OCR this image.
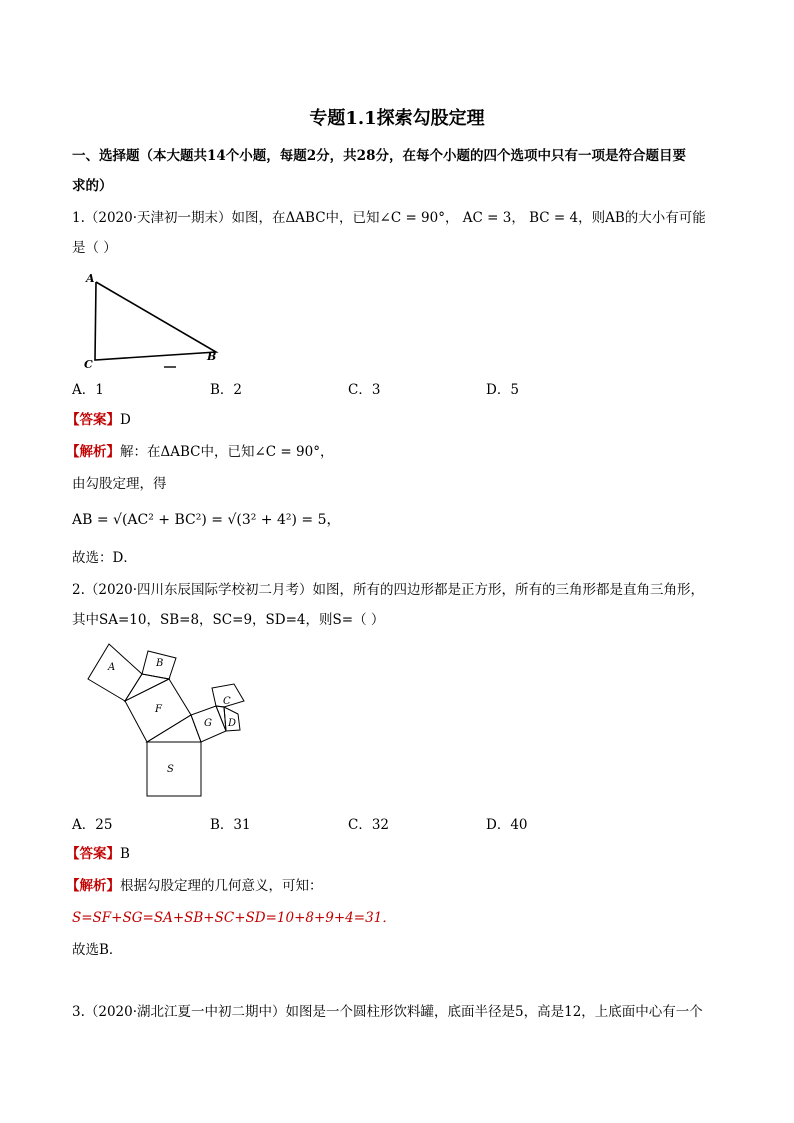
专题1.1探索勾股定理
一、选择题（本大题共14个小题，每题2分，共28分，在每个小题的四个选项中只有一项是符合题目要
求的）
1.（2020·天津初一期末）如图，在ΔABC中，已知∠C = 90°， AC = 3， BC = 4，则AB的大小有可能
是（ ）
A
B
C
A．1	B．2	C．3	D．5
【答案】D
【解析】解：在ΔABC中，已知∠C = 90°，
由勾股定理，得
AB = √(AC² + BC²) = √(3² + 4²) = 5，
故选：D．
2.（2020·四川东辰国际学校初二月考）如图，所有的四边形都是正方形，所有的三角形都是直角三角形，
其中SA=10，SB=8，SC=9，SD=4，则S=（ ）
A	B
C
D
F
G
S
A．25	B．31	C．32	D．40
【答案】B
【解析】根据勾股定理的几何意义，可知：
S=SF+SG=SA+SB+SC+SD=10+8+9+4=31．
故选B．
3.（2020·湖北江夏一中初二期中）如图是一个圆柱形饮料罐，底面半径是5，高是12，上底面中心有一个
